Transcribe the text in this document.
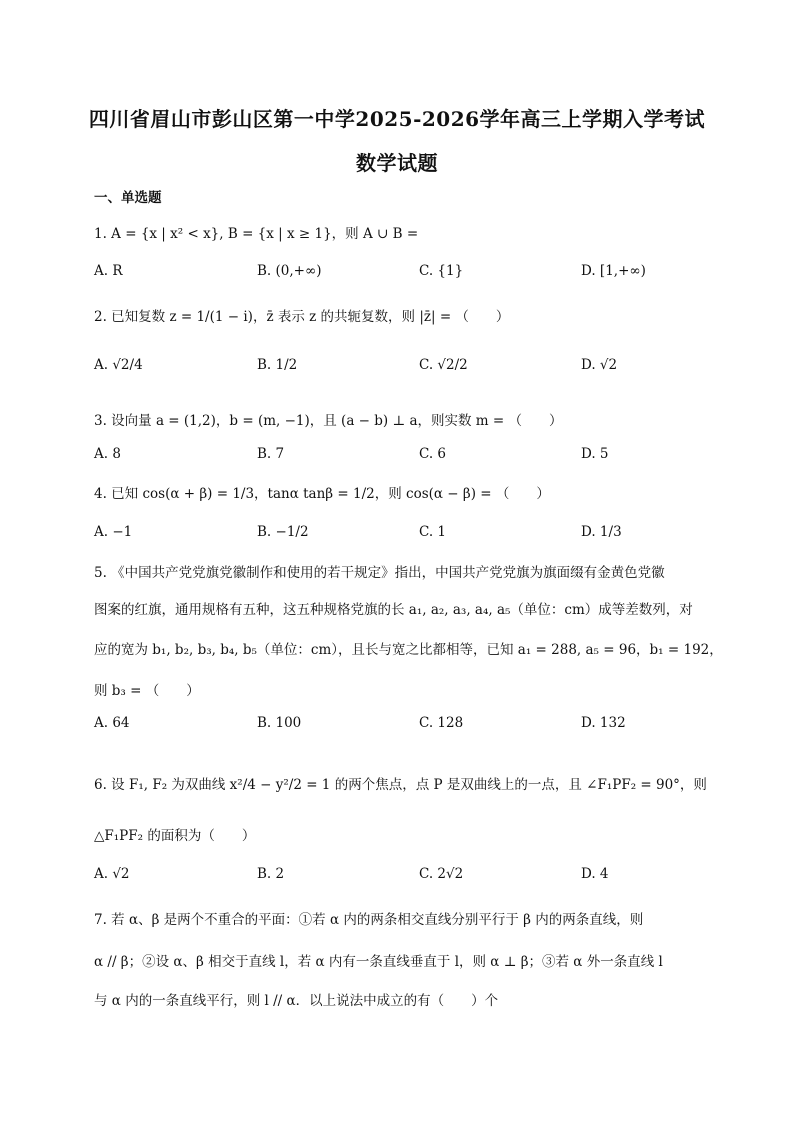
四川省眉山市彭山区第一中学2025-2026学年高三上学期入学考试
数学试题
一、单选题
1. A = {x | x² < x}, B = {x | x ≥ 1}，则 A ∪ B =
A. R	B. (0,+∞)	C. {1}	D. [1,+∞)
2. 已知复数 z = 1/(1 − i)，z̄ 表示 z 的共轭复数，则 |z̄| = （　　）
A. √2/4	B. 1/2	C. √2/2	D. √2
3. 设向量 a = (1,2)，b = (m, −1)，且 (a − b) ⊥ a，则实数 m = （　　）
A. 8	B. 7	C. 6	D. 5
4. 已知 cos(α + β) = 1/3，tanα tanβ = 1/2，则 cos(α − β) = （　　）
A. −1	B. −1/2	C. 1	D. 1/3
5. 《中国共产党党旗党徽制作和使用的若干规定》指出，中国共产党党旗为旗面缀有金黄色党徽
图案的红旗，通用规格有五种，这五种规格党旗的长 a₁, a₂, a₃, a₄, a₅（单位：cm）成等差数列，对
应的宽为 b₁, b₂, b₃, b₄, b₅（单位：cm），且长与宽之比都相等，已知 a₁ = 288, a₅ = 96，b₁ = 192，
则 b₃ = （　　）
A. 64	B. 100	C. 128	D. 132
6. 设 F₁, F₂ 为双曲线 x²/4 − y²/2 = 1 的两个焦点，点 P 是双曲线上的一点，且 ∠F₁PF₂ = 90°，则
△F₁PF₂ 的面积为（　　）
A. √2	B. 2	C. 2√2	D. 4
7. 若 α、β 是两个不重合的平面：①若 α 内的两条相交直线分别平行于 β 内的两条直线，则
α // β；②设 α、β 相交于直线 l，若 α 内有一条直线垂直于 l，则 α ⊥ β；③若 α 外一条直线 l
与 α 内的一条直线平行，则 l // α．以上说法中成立的有（　　）个
